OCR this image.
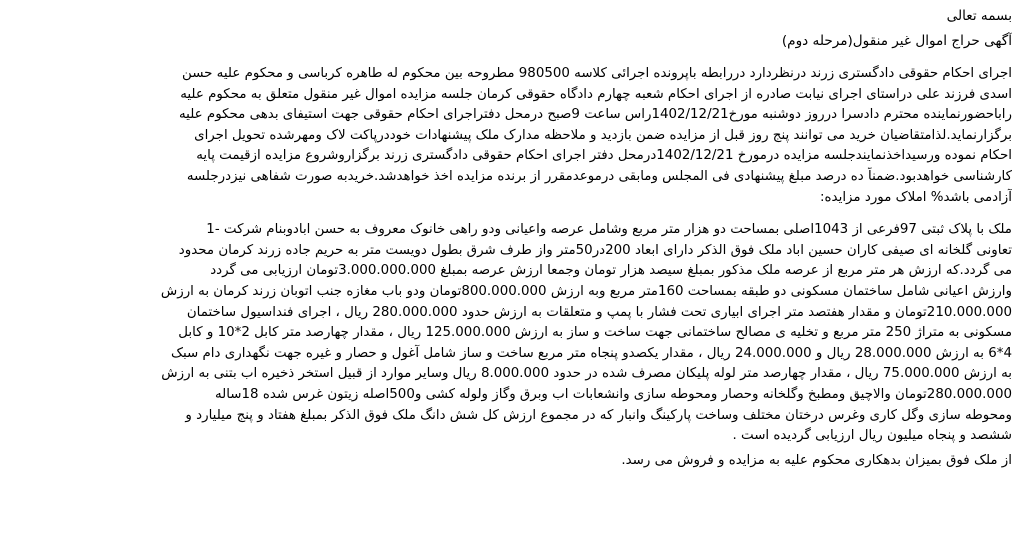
بسمه تعالی
آگهی حراج اموال غیر منقول(مرحله دوم)
اجرای احکام حقوقی دادگستری زرند درنظردارد دررابطه باپرونده اجرائی کلاسه 980500 مطروحه بین محکوم له طاهره کرباسی و محکوم علیه حسن
اسدی فرزند علی دراستای اجرای نیابت صادره از اجرای احکام شعبه چهارم دادگاه حقوقی کرمان جلسه مزایده اموال غیر منقول متعلق به محکوم علیه
راباحضورنماینده محترم دادسرا درروز دوشنبه مورخ1402/12/21راس ساعت 9صبح درمحل دفتراجرای احکام حقوقی جهت استیفای بدهی محکوم علیه
برگزارنماید.لذامتقاضیان خرید می توانند پنج روز قبل از مزایده ضمن بازدید و ملاحظه مدارک ملک پیشنهادات خوددرپاکت لاک ومهرشده تحویل اجرای
احکام نموده ورسیداخذنمایندجلسه مزایده درمورخ 1402/12/21درمحل دفتر اجرای احکام حقوقی دادگستری زرند برگزاروشروع مزایده ازقیمت پایه
کارشناسی خواهدبود.ضمناً ده درصد مبلغ پیشنهادی فی المجلس ومابقی درموعدمقرر از برنده مزایده اخذ خواهدشد.خریدبه صورت شفاهی نیزدرجلسه
آزادمی باشد% املاک مورد مزایده:
ملک با پلاک ثبتی 97فرعی از 1043اصلی بمساحت دو هزار متر مربع وشامل عرصه واعیانی ودو راهی خانوک معروف به حسن ابادوبنام شرکت -1
تعاونی گلخانه ای صیفی کاران حسین اباد ملک فوق الذکر دارای ابعاد 200در50متر واز طرف شرق بطول دویست متر به حریم جاده زرند کرمان محدود
می گردد.که ارزش هر متر مربع از عرصه ملک مذکور بمبلغ سیصد هزار تومان وجمعا ارزش عرصه بمبلغ 3.000.000.000تومان ارزیابی می گردد
وارزش اعیانی شامل ساختمان مسکونی دو طبقه بمساحت 160متر مربع وبه ارزش 800.000.000تومان ودو باب مغازه جنب اتوبان زرند کرمان به ارزش
210.000.000تومان و مقدار هفتصد متر اجرای ابیاری تحت فشار با پمپ و متعلقات به ارزش حدود 280.000.000 ریال ، اجرای فنداسیول ساختمان
مسکونی به متراژ 250 متر مربع و تخلیه ی مصالح ساختمانی جهت ساخت و ساز به ارزش 125.000.000 ریال ، مقدار چهارصد متر کابل 2*10 و کابل
4*6 به ارزش 28.000.000 ریال و 24.000.000 ریال ، مقدار یکصدو پنجاه متر مربع ساخت و ساز شامل آغول و حصار و غیره جهت نگهداری دام سبک
به ارزش 75.000.000 ریال ، مقدار چهارصد متر لوله پلیکان مصرف شده در حدود 8.000.000 ریال وسایر موارد از قبیل استخر ذخیره اب بتنی به ارزش
280.000.000تومان والاچیق ومطبخ وگلخانه وحصار ومحوطه سازی وانشعابات اب وبرق وگاز ولوله کشی و500اصله زیتون غرس شده 18ساله
ومحوطه سازی وگل کاری وغرس درختان مختلف وساخت پارکینگ وانبار که در مجموع ارزش کل شش دانگ ملک فوق الذکر بمبلغ هفتاد و پنج میلیارد و
ششصد و پنجاه میلیون ریال ارزیابی گردیده است .
از ملک فوق بمیزان بدهکاری محکوم علیه به مزایده و فروش می رسد.
